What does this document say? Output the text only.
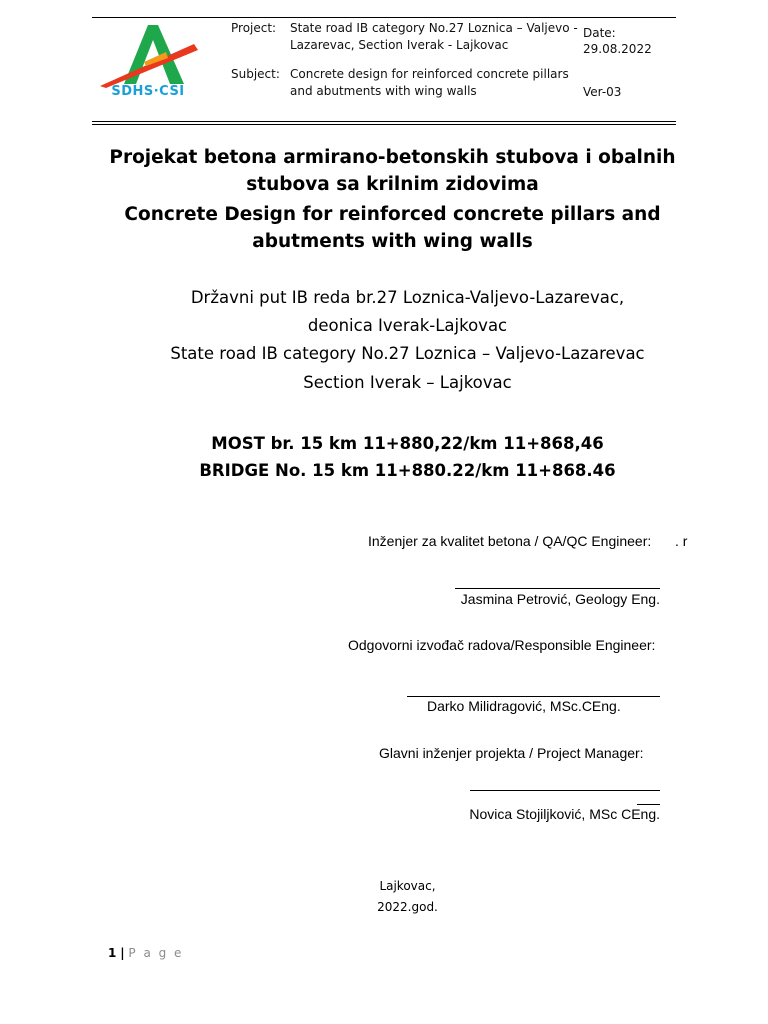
SDHS·CSI
Project: State road IB category No.27 Loznica – Valjevo -
Lazarevac, Section Iverak - Lajkovac
Subject: Concrete design for reinforced concrete pillars
and abutments with wing walls
Date:
29.08.2022
Ver-03
Projekat betona armirano-betonskih stubova i obalnih
stubova sa krilnim zidovima
Concrete Design for reinforced concrete pillars and
abutments with wing walls
Državni put IB reda br.27 Loznica-Valjevo-Lazarevac,
deonica Iverak-Lajkovac
State road IB category No.27 Loznica – Valjevo-Lazarevac
Section Iverak – Lajkovac
MOST br. 15 km 11+880,22/km 11+868,46
BRIDGE No. 15 km 11+880.22/km 11+868.46
Inženjer za kvalitet betona / QA/QC Engineer: . r
Jasmina Petrović, Geology Eng.
Odgovorni izvođač radova/Responsible Engineer:
Darko Milidragović, MSc.CEng.
Glavni inženjer projekta / Project Manager:
Novica Stojiljković, MSc CEng.
Lajkovac,
2022.god.
1 | P a g e
